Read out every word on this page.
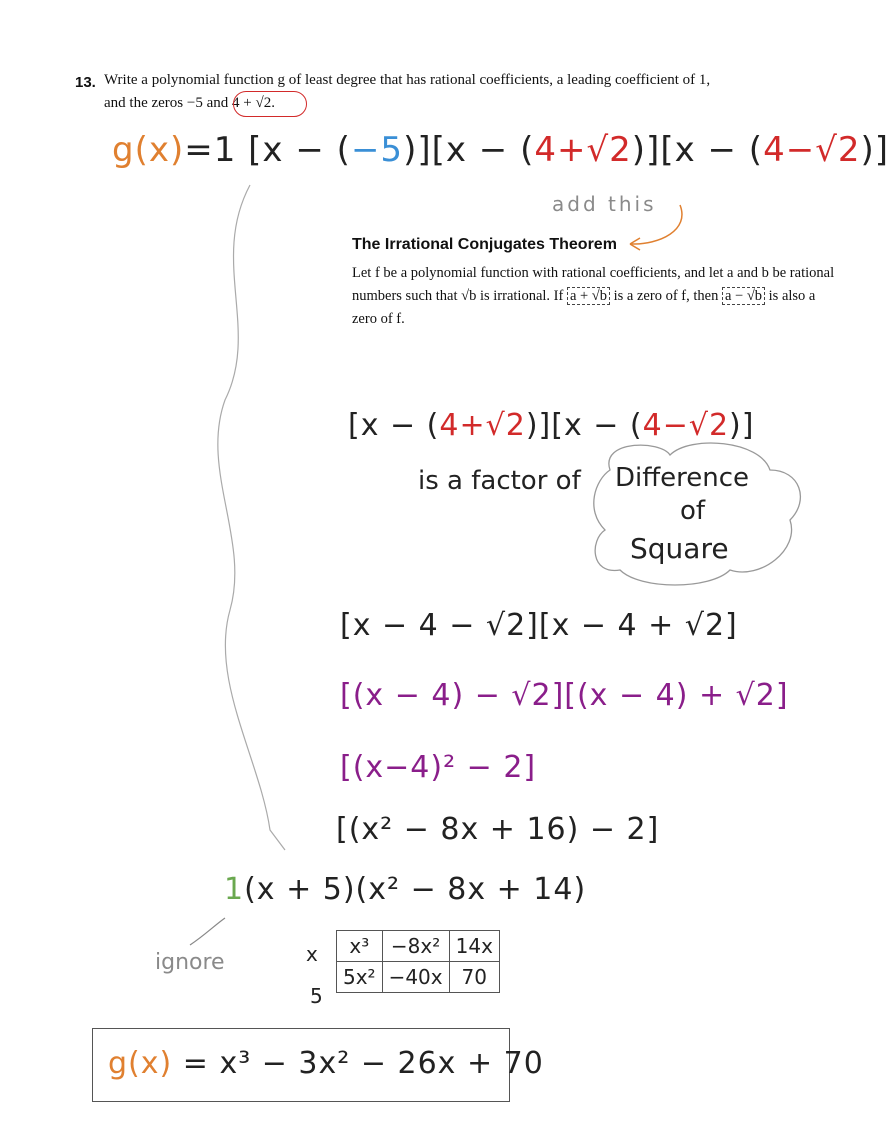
13. Write a polynomial function g of least degree that has rational coefficients, a leading coefficient of 1,
and the zeros −5 and 4 + √2.
g(x)=1 [x − (−5)][x − (4+√2)][x − (4−√2)]
add this
The Irrational Conjugates Theorem
Let f be a polynomial function with rational coefficients, and let a and b be rational
numbers such that √b is irrational. If a + √b is a zero of f, then a − √b is also a
zero of f.
[x − (4+√2)][x − (4−√2)]
is a factor of Difference
of
Square
[x − 4 − √2][x − 4 + √2]
[(x − 4) − √2][(x − 4) + √2]
[(x−4)² − 2]
[(x² − 8x + 16) − 2]
1(x + 5)(x² − 8x + 14)
ignore	x
5
x³	−8x²	14x
5x²	−40x	70
g(x) = x³ − 3x² − 26x + 70
